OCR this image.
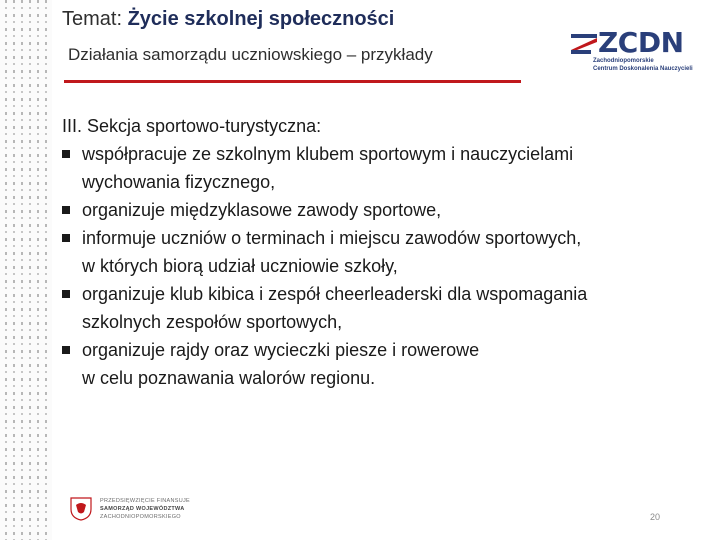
Temat: Życie szkolnej społeczności
Działania samorządu uczniowskiego – przykłady	ZCDN
Zachodniopomorskie
Centrum Doskonalenia Nauczycieli

III. Sekcja sportowo-turystyczna:

współpracuje ze szkolnym klubem sportowym i nauczycielami
wychowania fizycznego,
organizuje międzyklasowe zawody sportowe,
informuje uczniów o terminach i miejscu zawodów sportowych,
w których biorą udział uczniowie szkoły,
organizuje klub kibica i zespół cheerleaderski dla wspomagania
szkolnych zespołów sportowych,
organizuje rajdy oraz wycieczki piesze i rowerowe
w celu poznawania walorów regionu.
PRZEDSIĘWZIĘCIE FINANSUJE
SAMORZĄD WOJEWÓDZTWA
ZACHODNIOPOMORSKIEGO	20
